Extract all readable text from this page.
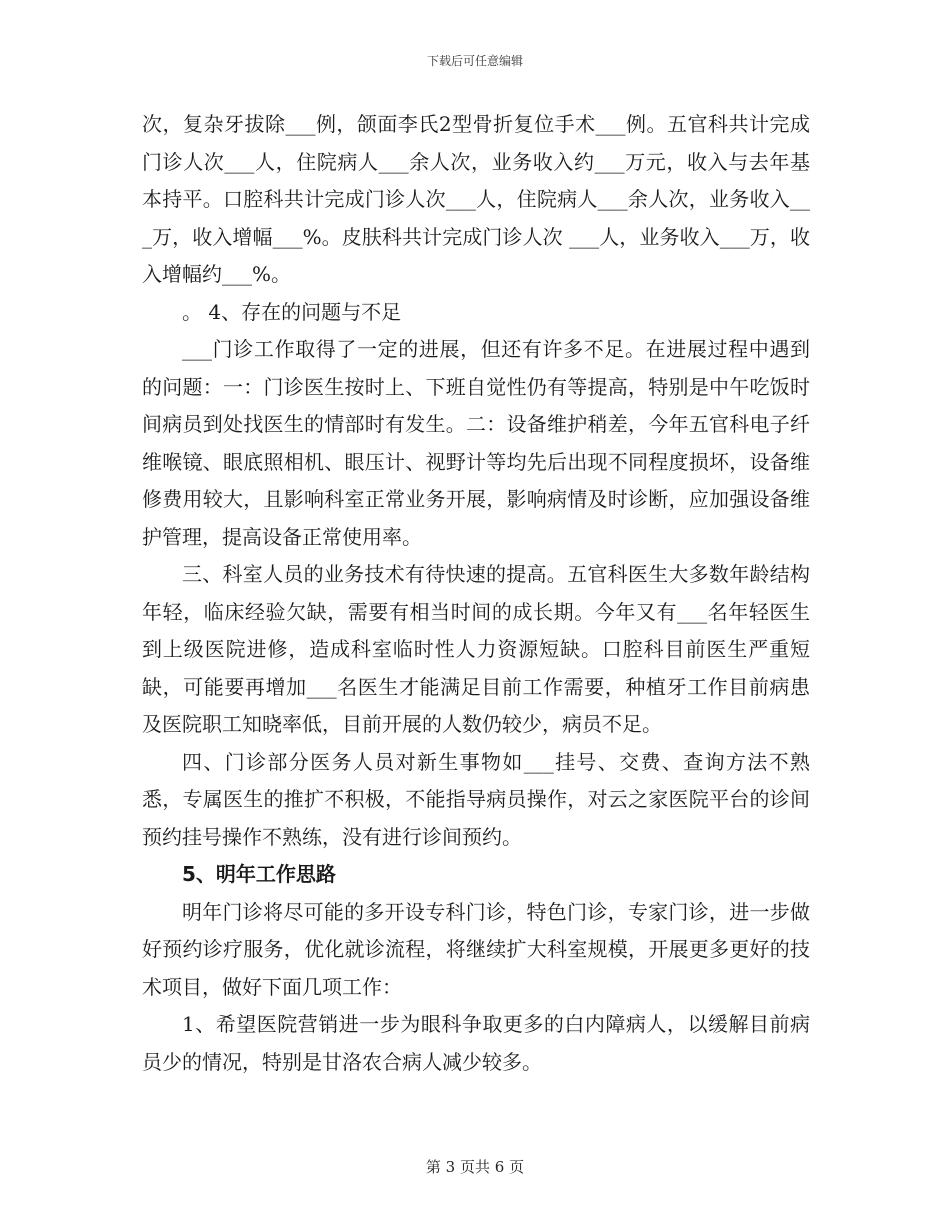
下载后可任意编辑

次，复杂牙拔除___例，颌面李氏2型骨折复位手术___例。五官科共计完成门诊人次___人，住院病人___余人次，业务收入约___万元，收入与去年基本持平。口腔科共计完成门诊人次___人，住院病人___余人次，业务收入___万，收入增幅___%。皮肤科共计完成门诊人次 ___人，业务收入___万，收入增幅约___%。

。 4、存在的问题与不足

___门诊工作取得了一定的进展，但还有许多不足。在进展过程中遇到的问题：一：门诊医生按时上、下班自觉性仍有等提高，特别是中午吃饭时间病员到处找医生的情部时有发生。二：设备维护稍差，今年五官科电子纤维喉镜、眼底照相机、眼压计、视野计等均先后出现不同程度损坏，设备维修费用较大，且影响科室正常业务开展，影响病情及时诊断，应加强设备维护管理，提高设备正常使用率。

三、科室人员的业务技术有待快速的提高。五官科医生大多数年龄结构年轻，临床经验欠缺，需要有相当时间的成长期。今年又有___名年轻医生到上级医院进修，造成科室临时性人力资源短缺。口腔科目前医生严重短缺，可能要再增加___名医生才能满足目前工作需要，种植牙工作目前病患及医院职工知晓率低，目前开展的人数仍较少，病员不足。

四、门诊部分医务人员对新生事物如___挂号、交费、查询方法不熟悉，专属医生的推扩不积极，不能指导病员操作，对云之家医院平台的诊间预约挂号操作不熟练，没有进行诊间预约。

5、明年工作思路

明年门诊将尽可能的多开设专科门诊，特色门诊，专家门诊，进一步做好预约诊疗服务，优化就诊流程，将继续扩大科室规模，开展更多更好的技术项目，做好下面几项工作：

1、希望医院营销进一步为眼科争取更多的白内障病人，以缓解目前病员少的情况，特别是甘洛农合病人减少较多。

第 3 页共 6 页
